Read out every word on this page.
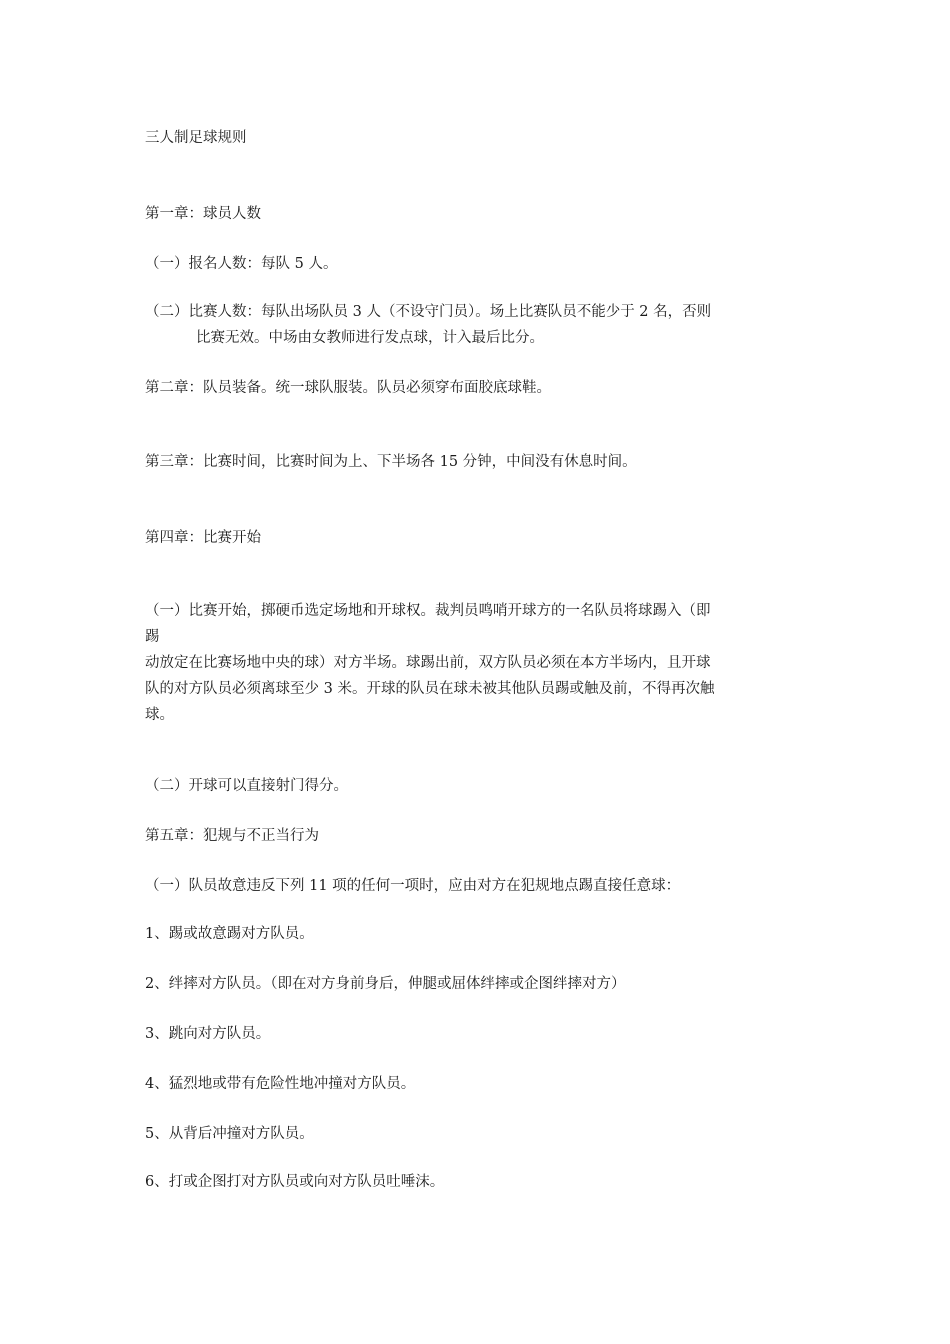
三人制足球规则
第一章：球员人数
（一）报名人数：每队 5 人。
（二）比赛人数：每队出场队员 3 人（不设守门员）。场上比赛队员不能少于 2 名，否则
比赛无效。中场由女教师进行发点球，计入最后比分。
第二章：队员装备。统一球队服装。队员必须穿布面胶底球鞋。
第三章：比赛时间，比赛时间为上、下半场各 15 分钟，中间没有休息时间。
第四章：比赛开始
（一）比赛开始，掷硬币选定场地和开球权。裁判员鸣哨开球方的一名队员将球踢入（即
踢
动放定在比赛场地中央的球）对方半场。球踢出前，双方队员必须在本方半场内，且开球
队的对方队员必须离球至少 3 米。开球的队员在球未被其他队员踢或触及前，不得再次触
球。
（二）开球可以直接射门得分。
第五章：犯规与不正当行为
（一）队员故意违反下列 11 项的任何一项时，应由对方在犯规地点踢直接任意球：
1、踢或故意踢对方队员。
2、绊摔对方队员。（即在对方身前身后，伸腿或屈体绊摔或企图绊摔对方）
3、跳向对方队员。
4、猛烈地或带有危险性地冲撞对方队员。
5、从背后冲撞对方队员。
6、打或企图打对方队员或向对方队员吐唾沫。
